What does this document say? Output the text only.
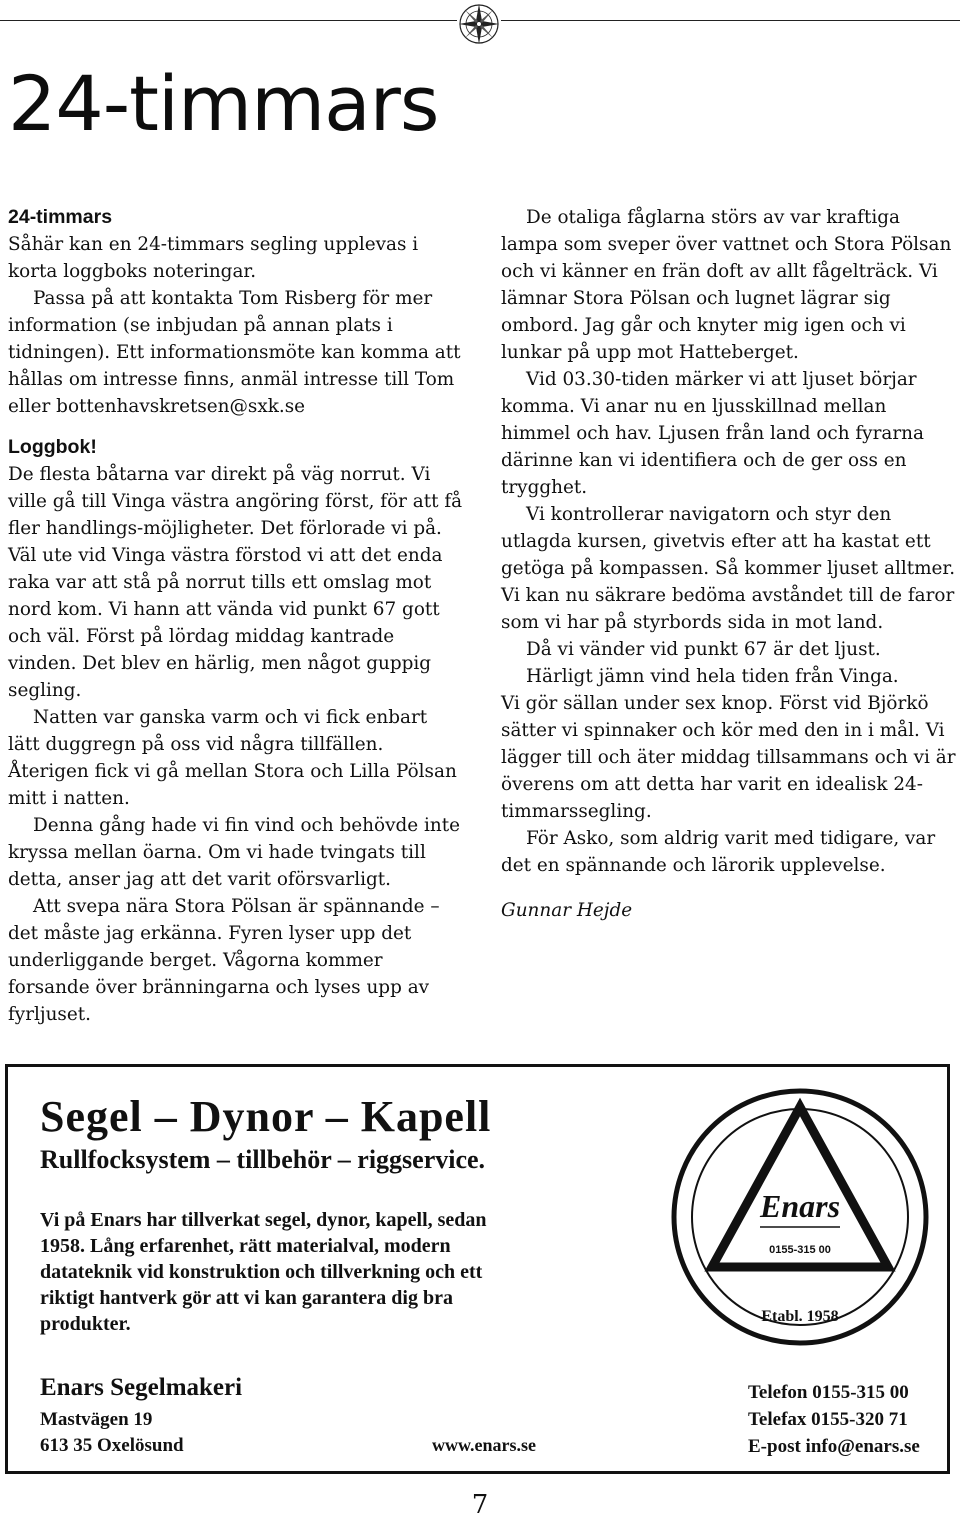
24-timmars

24-timmars

Såhär kan en 24-timmars segling upplevas i korta loggboks noteringar.

Passa på att kontakta Tom Risberg för mer information (se inbjudan på annan plats i tidningen). Ett informationsmöte kan komma att hållas om intresse finns, anmäl intresse till Tom eller bottenhavskretsen@sxk.se

Loggbok!

De flesta båtarna var direkt på väg norrut. Vi ville gå till Vinga västra angöring först, för att få fler handlings-möjligheter. Det förlorade vi på. Väl ute vid Vinga västra förstod vi att det enda raka var att stå på norrut tills ett omslag mot nord kom. Vi hann att vända vid punkt 67 gott och väl. Först på lördag middag kantrade vinden. Det blev en härlig, men något guppig segling.

Natten var ganska varm och vi fick enbart lätt duggregn på oss vid några tillfällen. Återigen fick vi gå mellan Stora och Lilla Pölsan mitt i natten.

Denna gång hade vi fin vind och behövde inte kryssa mellan öarna. Om vi hade tvingats till detta, anser jag att det varit oförsvarligt.

Att svepa nära Stora Pölsan är spännande – det måste jag erkänna. Fyren lyser upp det underliggande berget. Vågorna kommer forsande över bränningarna och lyses upp av fyrljuset.

De otaliga fåglarna störs av var kraftiga lampa som sveper över vattnet och Stora Pölsan och vi känner en frän doft av allt fågelträck. Vi lämnar Stora Pölsan och lugnet lägrar sig ombord. Jag går och knyter mig igen och vi lunkar på upp mot Hatteberget.

Vid 03.30-tiden märker vi att ljuset börjar komma. Vi anar nu en ljusskillnad mellan himmel och hav. Ljusen från land och fyrarna därinne kan vi identifiera och de ger oss en trygghet.

Vi kontrollerar navigatorn och styr den utlagda kursen, givetvis efter att ha kastat ett getöga på kompassen. Så kommer ljuset alltmer. Vi kan nu säkrare bedöma avståndet till de faror som vi har på styrbords sida in mot land.

Då vi vänder vid punkt 67 är det ljust.

Härligt jämn vind hela tiden från Vinga.

Vi gör sällan under sex knop. Först vid Björkö sätter vi spinnaker och kör med den in i mål. Vi lägger till och äter middag tillsammans och vi är överens om att detta har varit en idealisk 24-timmarssegling.

För Asko, som aldrig varit med tidigare, var det en spännande och lärorik upplevelse.

Gunnar Hejde

Segel – Dynor – Kapell

Rullfocksystem – tillbehör – riggservice.

Vi på Enars har tillverkat segel, dynor, kapell, sedan 1958. Lång erfarenhet, rätt materialval, modern datateknik vid konstruktion och tillverkning och ett riktigt hantverk gör att vi kan garantera dig bra produkter.

Enars Segelmakeri

Mastvägen 19
613 35 Oxelösund	www.enars.se

Telefon 0155-315 00
Telefax 0155-320 71
E-post info@enars.se
Enars
0155-315 00
Etabl. 1958
7
